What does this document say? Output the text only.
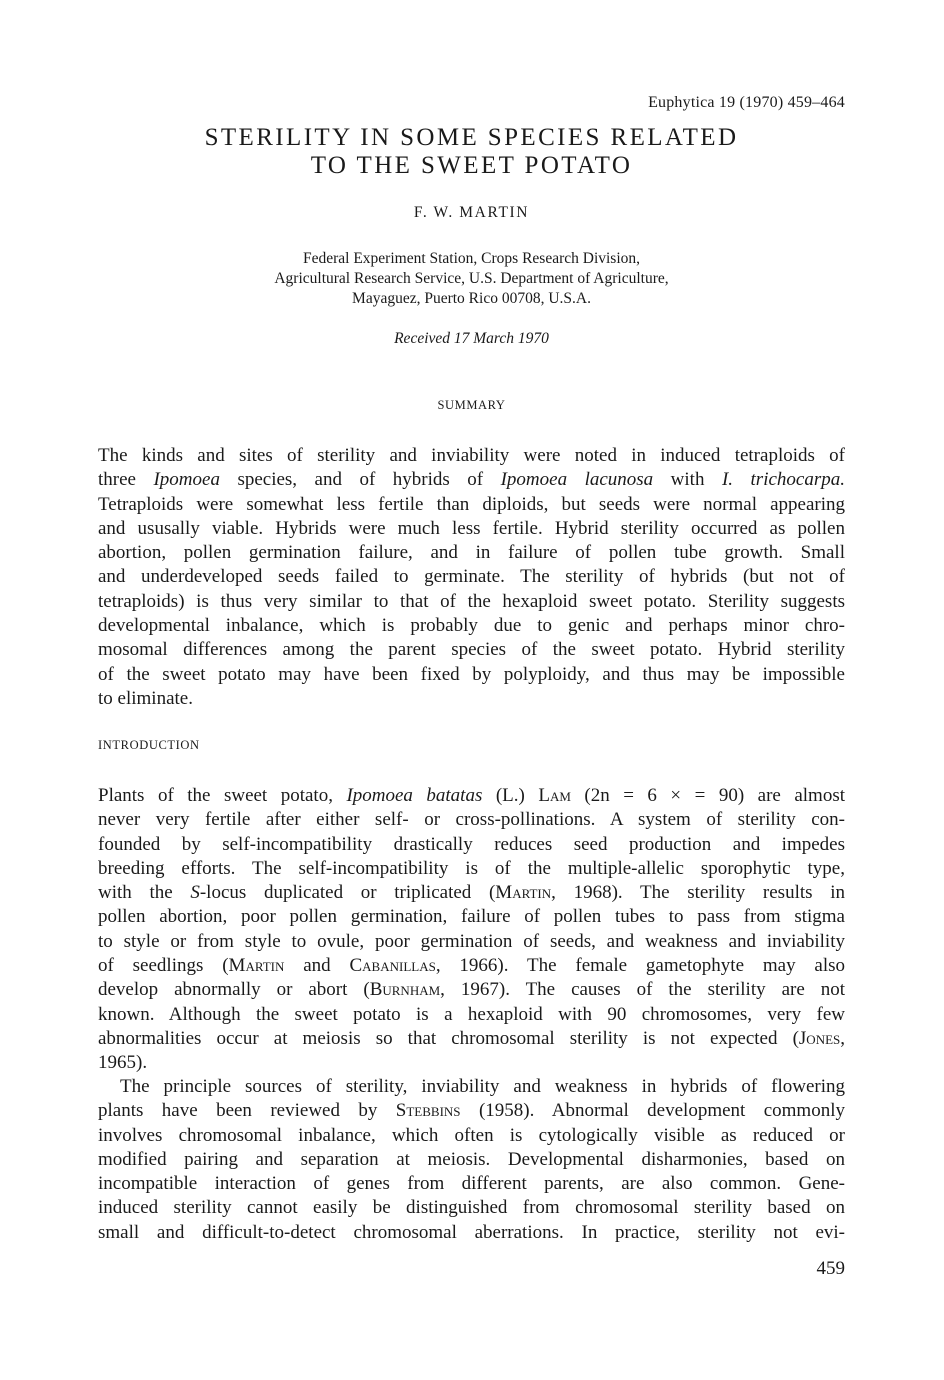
Euphytica 19 (1970) 459–464
STERILITY IN SOME SPECIES RELATED
TO THE SWEET POTATO
F. W. MARTIN
Federal Experiment Station, Crops Research Division,
Agricultural Research Service, U.S. Department of Agriculture,
Mayaguez, Puerto Rico 00708, U.S.A.
Received 17 March 1970
SUMMARY

The kinds and sites of sterility and inviability were noted in induced tetraploids of
three Ipomoea species, and of hybrids of Ipomoea lacunosa with I. trichocarpa.
Tetraploids were somewhat less fertile than diploids, but seeds were normal appearing
and ususally viable. Hybrids were much less fertile. Hybrid sterility occurred as pollen
abortion, pollen germination failure, and in failure of pollen tube growth. Small
and underdeveloped seeds failed to germinate. The sterility of hybrids (but not of
tetraploids) is thus very similar to that of the hexaploid sweet potato. Sterility suggests
developmental inbalance, which is probably due to genic and perhaps minor chro-
mosomal differences among the parent species of the sweet potato. Hybrid sterility
of the sweet potato may have been fixed by polyploidy, and thus may be impossible
to eliminate.

INTRODUCTION

Plants of the sweet potato, Ipomoea batatas (L.) Lam (2n = 6 × = 90) are almost
never very fertile after either self- or cross-pollinations. A system of sterility con-
founded by self-incompatibility drastically reduces seed production and impedes
breeding efforts. The self-incompatibility is of the multiple-allelic sporophytic type,
with the S-locus duplicated or triplicated (Martin, 1968). The sterility results in
pollen abortion, poor pollen germination, failure of pollen tubes to pass from stigma
to style or from style to ovule, poor germination of seeds, and weakness and inviability
of seedlings (Martin and Cabanillas, 1966). The female gametophyte may also
develop abnormally or abort (Burnham, 1967). The causes of the sterility are not
known. Although the sweet potato is a hexaploid with 90 chromosomes, very few
abnormalities occur at meiosis so that chromosomal sterility is not expected (Jones,
1965).

The principle sources of sterility, inviability and weakness in hybrids of flowering
plants have been reviewed by Stebbins (1958). Abnormal development commonly
involves chromosomal inbalance, which often is cytologically visible as reduced or
modified pairing and separation at meiosis. Developmental disharmonies, based on
incompatible interaction of genes from different parents, are also common. Gene-
induced sterility cannot easily be distinguished from chromosomal sterility based on
small and difficult-to-detect chromosomal aberrations. In practice, sterility not evi-

459
